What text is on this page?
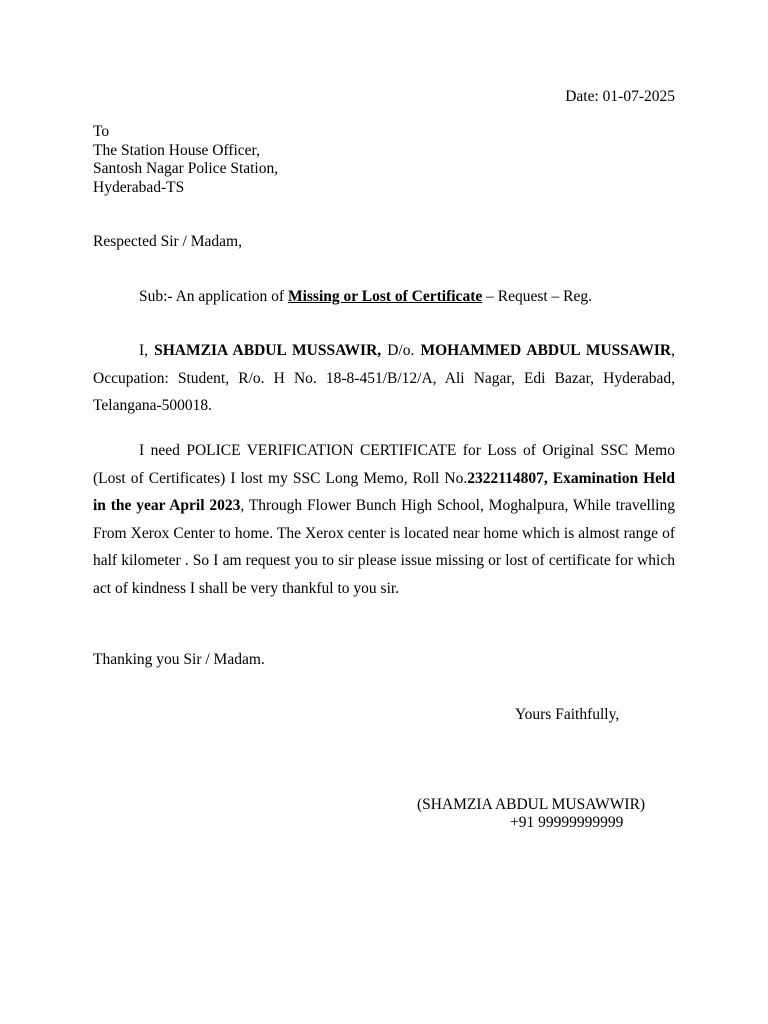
Date: 01-07-2025
To
The Station House Officer,
Santosh Nagar Police Station,
Hyderabad-TS
Respected Sir / Madam,
Sub:- An application of Missing or Lost of Certificate – Request – Reg.

I, SHAMZIA ABDUL MUSSAWIR, D/o. MOHAMMED ABDUL MUSSAWIR, Occupation: Student, R/o. H No. 18-8-451/B/12/A, Ali Nagar, Edi Bazar, Hyderabad, Telangana-500018.

I need POLICE VERIFICATION CERTIFICATE for Loss of Original SSC Memo (Lost of Certificates) I lost my SSC Long Memo, Roll No.2322114807, Examination Held in the year April 2023, Through Flower Bunch High School, Moghalpura, While travelling From Xerox Center to home. The Xerox center is located near home which is almost range of half kilometer . So I am request you to sir please issue missing or lost of certificate for which act of kindness I shall be very thankful to you sir.

Thanking you Sir / Madam.
Yours Faithfully,
(SHAMZIA ABDUL MUSAWWIR)
+91 99999999999
